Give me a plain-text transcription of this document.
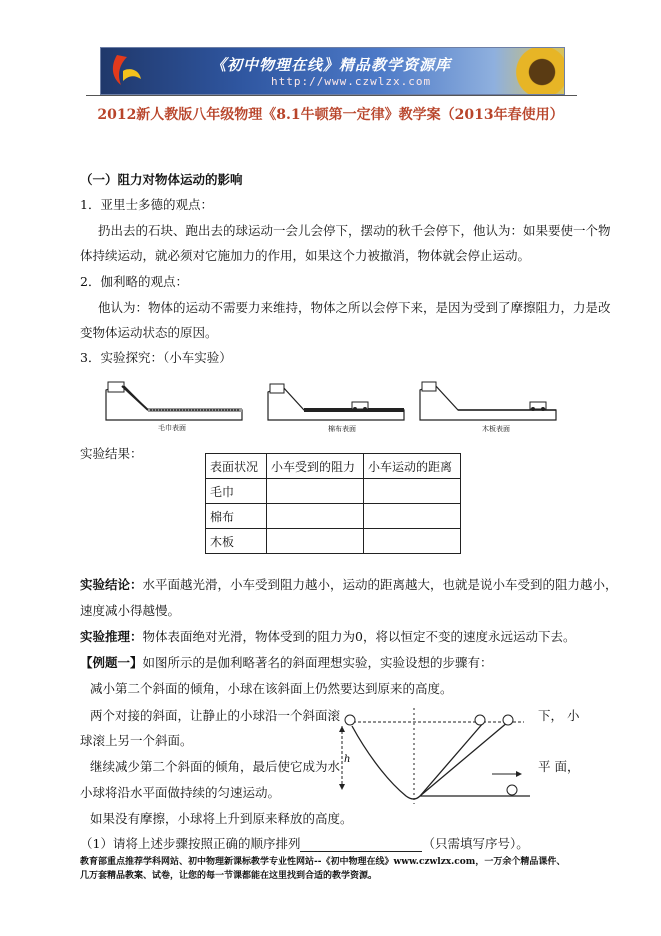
《初中物理在线》精品教学资源库
http://www.czwlzx.com
2012新人教版八年级物理《8.1牛顿第一定律》教学案（2013年春使用）
（一）阻力对物体运动的影响
1．亚里士多德的观点：
扔出去的石块、跑出去的球运动一会儿会停下，摆动的秋千会停下，他认为：如果要使一个物
体持续运动，就必须对它施加力的作用，如果这个力被撤消，物体就会停止运动。
2．伽利略的观点：
他认为：物体的运动不需要力来维持，物体之所以会停下来，是因为受到了摩擦阻力，力是改
变物体运动状态的原因。
3．实验探究：（小车实验）
毛巾表面	棉布表面	木板表面
实验结果：
表面状况	小车受到的阻力	小车运动的距离
毛巾		
棉布		
木板		
实验结论：水平面越光滑，小车受到阻力越小，运动的距离越大，也就是说小车受到的阻力越小，
速度减小得越慢。
实验推理：物体表面绝对光滑，物体受到的阻力为0，将以恒定不变的速度永远运动下去。
【例题一】如图所示的是伽利略著名的斜面理想实验，实验设想的步骤有：
减小第二个斜面的倾角，小球在该斜面上仍然要达到原来的高度。
两个对接的斜面，让静止的小球沿一个斜面滚	下， 小
球滚上另一个斜面。
继续减少第二个斜面的倾角，最后使它成为水	平 面，
小球将沿水平面做持续的匀速运动。
如果没有摩擦，小球将上升到原来释放的高度。
h
（1）请将上述步骤按照正确的顺序排列	（只需填写序号）。
教育部重点推荐学科网站、初中物理新课标教学专业性网站--《初中物理在线》www.czwlzx.com，一万余个精品课件、
几万套精品教案、试卷，让您的每一节课都能在这里找到合适的教学资源。
